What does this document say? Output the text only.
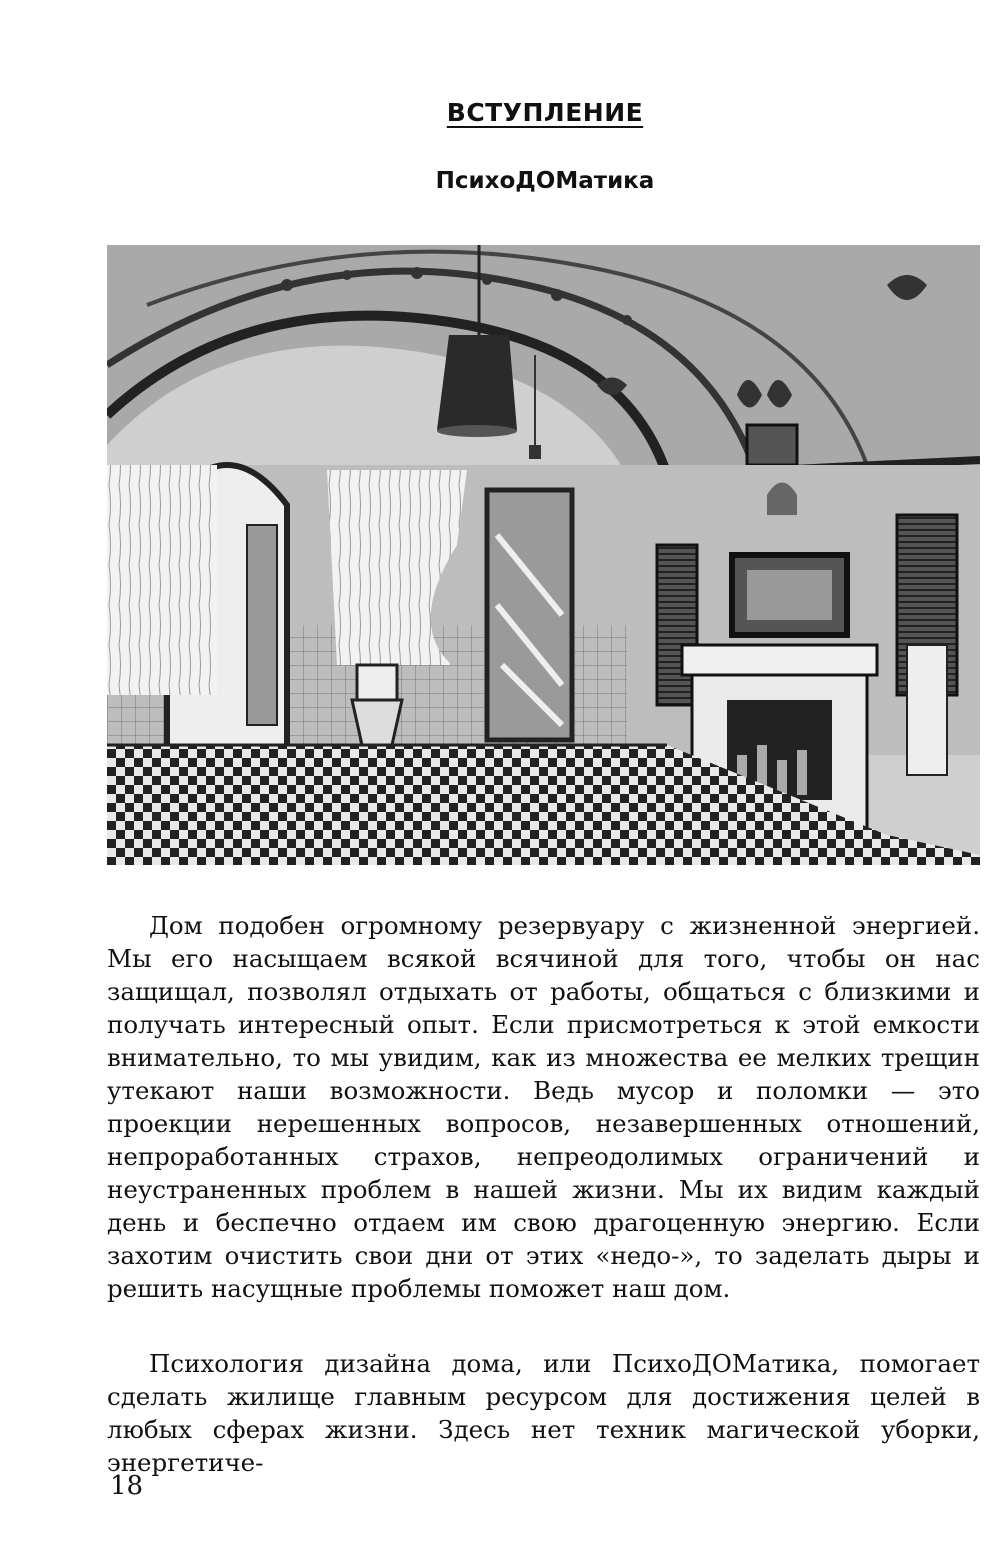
ВСТУПЛЕНИЕ
ПсихоДОМатика

Дом подобен огромному резервуару с жизненной энергией. Мы его насыщаем всякой всячиной для того, чтобы он нас защищал, позволял отдыхать от работы, общаться с близкими и получать интересный опыт. Если присмотреться к этой емкости внимательно, то мы увидим, как из множества ее мелких трещин утекают наши возможности. Ведь мусор и поломки — это проекции нерешенных вопросов, незавершенных отношений, непроработанных страхов, непреодолимых ограничений и неустраненных проблем в нашей жизни. Мы их видим каждый день и беспечно отдаем им свою драгоценную энергию. Если захотим очистить свои дни от этих «недо-», то заделать дыры и решить насущные проблемы поможет наш дом.

Психология дизайна дома, или ПсихоДОМатика, помогает сделать жилище главным ресурсом для достижения целей в любых сферах жизни. Здесь нет техник магической уборки, энергетиче-

18
